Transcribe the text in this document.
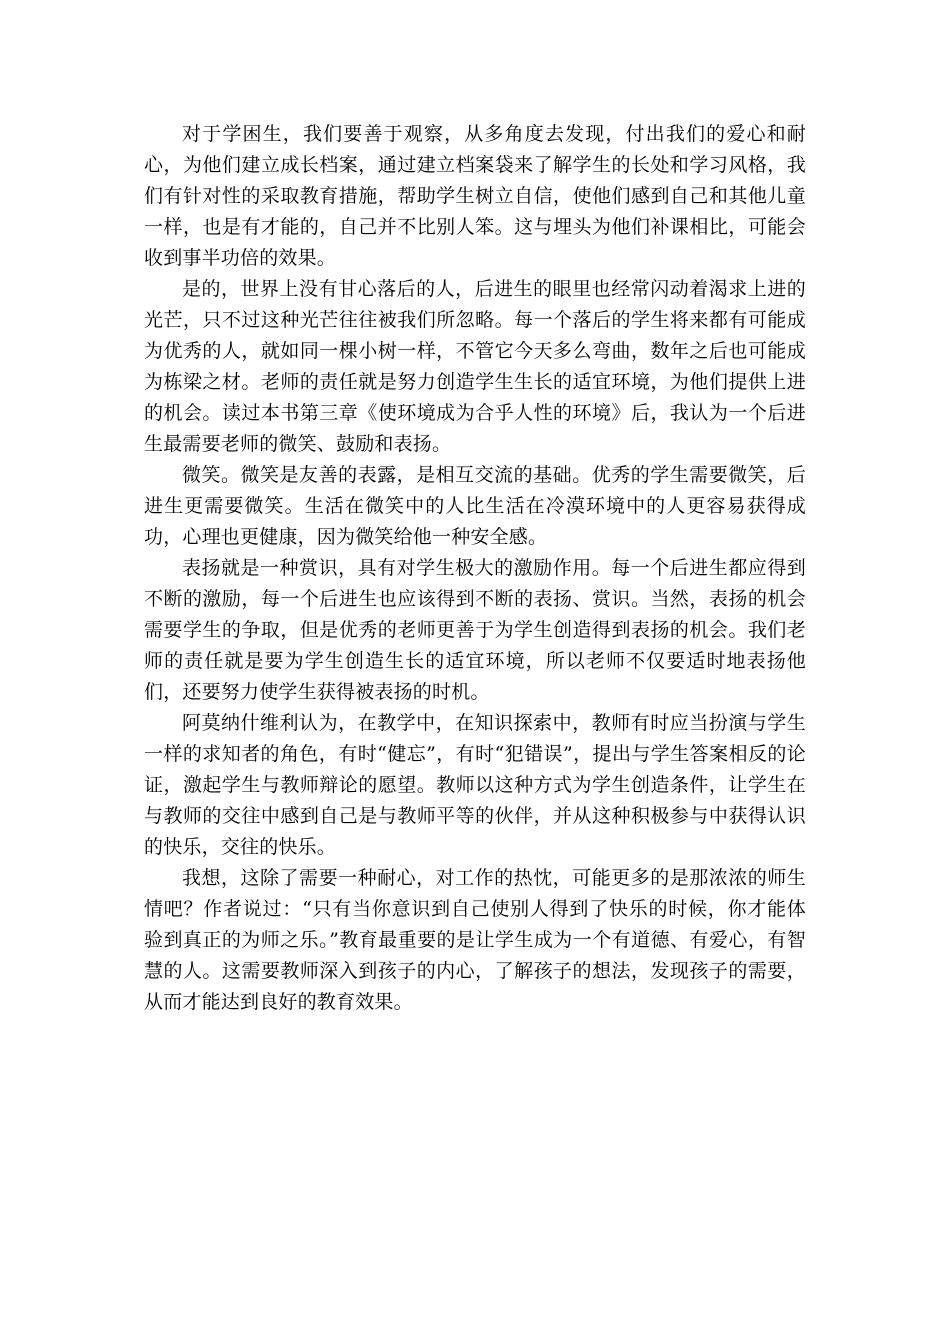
对于学困生，我们要善于观察，从多角度去发现，付出我们的爱心和耐心，为他们建立成长档案，通过建立档案袋来了解学生的长处和学习风格，我们有针对性的采取教育措施，帮助学生树立自信，使他们感到自己和其他儿童一样，也是有才能的，自己并不比别人笨。这与埋头为他们补课相比，可能会收到事半功倍的效果。

是的，世界上没有甘心落后的人，后进生的眼里也经常闪动着渴求上进的光芒，只不过这种光芒往往被我们所忽略。每一个落后的学生将来都有可能成为优秀的人，就如同一棵小树一样，不管它今天多么弯曲，数年之后也可能成为栋梁之材。老师的责任就是努力创造学生生长的适宜环境，为他们提供上进的机会。读过本书第三章《使环境成为合乎人性的环境》后，我认为一个后进生最需要老师的微笑、鼓励和表扬。

微笑。微笑是友善的表露，是相互交流的基础。优秀的学生需要微笑，后进生更需要微笑。生活在微笑中的人比生活在冷漠环境中的人更容易获得成功，心理也更健康，因为微笑给他一种安全感。

表扬就是一种赏识，具有对学生极大的激励作用。每一个后进生都应得到不断的激励，每一个后进生也应该得到不断的表扬、赏识。当然，表扬的机会需要学生的争取，但是优秀的老师更善于为学生创造得到表扬的机会。我们老师的责任就是要为学生创造生长的适宜环境，所以老师不仅要适时地表扬他们，还要努力使学生获得被表扬的时机。

阿莫纳什维利认为，在教学中，在知识探索中，教师有时应当扮演与学生一样的求知者的角色，有时“健忘”，有时“犯错误”，提出与学生答案相反的论证，激起学生与教师辩论的愿望。教师以这种方式为学生创造条件，让学生在与教师的交往中感到自己是与教师平等的伙伴，并从这种积极参与中获得认识的快乐，交往的快乐。

我想，这除了需要一种耐心，对工作的热忱，可能更多的是那浓浓的师生情吧？作者说过：“只有当你意识到自己使别人得到了快乐的时候，你才能体验到真正的为师之乐。”教育最重要的是让学生成为一个有道德、有爱心，有智慧的人。这需要教师深入到孩子的内心，了解孩子的想法，发现孩子的需要，从而才能达到良好的教育效果。
